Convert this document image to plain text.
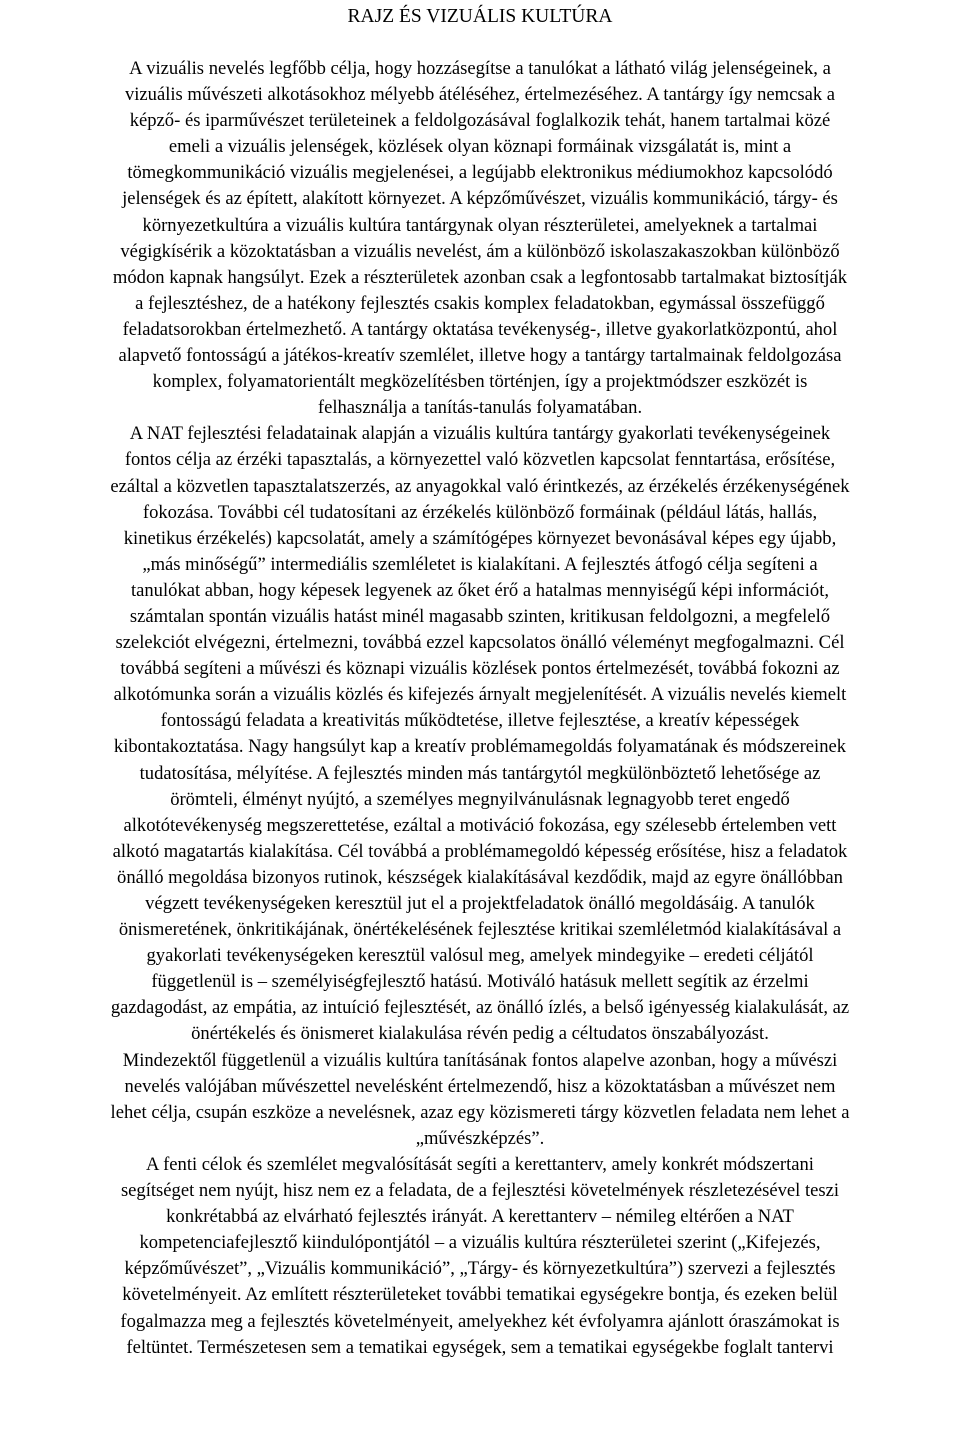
RAJZ ÉS VIZUÁLIS KULTÚRA
A vizuális nevelés legfőbb célja, hogy hozzásegítse a tanulókat a látható világ jelenségeinek, a
vizuális művészeti alkotásokhoz mélyebb átéléséhez, értelmezéséhez. A tantárgy így nemcsak a
képző- és iparművészet területeinek a feldolgozásával foglalkozik tehát, hanem tartalmai közé
emeli a vizuális jelenségek, közlések olyan köznapi formáinak vizsgálatát is, mint a
tömegkommunikáció vizuális megjelenései, a legújabb elektronikus médiumokhoz kapcsolódó
jelenségek és az épített, alakított környezet. A képzőművészet, vizuális kommunikáció, tárgy- és
környezetkultúra a vizuális kultúra tantárgynak olyan részterületei, amelyeknek a tartalmai
végigkísérik a közoktatásban a vizuális nevelést, ám a különböző iskolaszakaszokban különböző
módon kapnak hangsúlyt. Ezek a részterületek azonban csak a legfontosabb tartalmakat biztosítják
a fejlesztéshez, de a hatékony fejlesztés csakis komplex feladatokban, egymással összefüggő
feladatsorokban értelmezhető. A tantárgy oktatása tevékenység-, illetve gyakorlatközpontú, ahol
alapvető fontosságú a játékos-kreatív szemlélet, illetve hogy a tantárgy tartalmainak feldolgozása
komplex, folyamatorientált megközelítésben történjen, így a projektmódszer eszközét is
felhasználja a tanítás-tanulás folyamatában.
A NAT fejlesztési feladatainak alapján a vizuális kultúra tantárgy gyakorlati tevékenységeinek
fontos célja az érzéki tapasztalás, a környezettel való közvetlen kapcsolat fenntartása, erősítése,
ezáltal a közvetlen tapasztalatszerzés, az anyagokkal való érintkezés, az érzékelés érzékenységének
fokozása. További cél tudatosítani az érzékelés különböző formáinak (például látás, hallás,
kinetikus érzékelés) kapcsolatát, amely a számítógépes környezet bevonásával képes egy újabb,
„más minőségű” intermediális szemléletet is kialakítani. A fejlesztés átfogó célja segíteni a
tanulókat abban, hogy képesek legyenek az őket érő a hatalmas mennyiségű képi információt,
számtalan spontán vizuális hatást minél magasabb szinten, kritikusan feldolgozni, a megfelelő
szelekciót elvégezni, értelmezni, továbbá ezzel kapcsolatos önálló véleményt megfogalmazni. Cél
továbbá segíteni a művészi és köznapi vizuális közlések pontos értelmezését, továbbá fokozni az
alkotómunka során a vizuális közlés és kifejezés árnyalt megjelenítését. A vizuális nevelés kiemelt
fontosságú feladata a kreativitás működtetése, illetve fejlesztése, a kreatív képességek
kibontakoztatása. Nagy hangsúlyt kap a kreatív problémamegoldás folyamatának és módszereinek
tudatosítása, mélyítése. A fejlesztés minden más tantárgytól megkülönböztető lehetősége az
örömteli, élményt nyújtó, a személyes megnyilvánulásnak legnagyobb teret engedő
alkotótevékenység megszerettetése, ezáltal a motiváció fokozása, egy szélesebb értelemben vett
alkotó magatartás kialakítása. Cél továbbá a problémamegoldó képesség erősítése, hisz a feladatok
önálló megoldása bizonyos rutinok, készségek kialakításával kezdődik, majd az egyre önállóbban
végzett tevékenységeken keresztül jut el a projektfeladatok önálló megoldásáig. A tanulók
önismeretének, önkritikájának, önértékelésének fejlesztése kritikai szemléletmód kialakításával a
gyakorlati tevékenységeken keresztül valósul meg, amelyek mindegyike – eredeti céljától
függetlenül is – személyiségfejlesztő hatású. Motiváló hatásuk mellett segítik az érzelmi
gazdagodást, az empátia, az intuíció fejlesztését, az önálló ízlés, a belső igényesség kialakulását, az
önértékelés és önismeret kialakulása révén pedig a céltudatos önszabályozást.
Mindezektől függetlenül a vizuális kultúra tanításának fontos alapelve azonban, hogy a művészi
nevelés valójában művészettel nevelésként értelmezendő, hisz a közoktatásban a művészet nem
lehet célja, csupán eszköze a nevelésnek, azaz egy közismereti tárgy közvetlen feladata nem lehet a
„művészképzés”.
A fenti célok és szemlélet megvalósítását segíti a kerettanterv, amely konkrét módszertani
segítséget nem nyújt, hisz nem ez a feladata, de a fejlesztési követelmények részletezésével teszi
konkrétabbá az elvárható fejlesztés irányát. A kerettanterv – némileg eltérően a NAT
kompetenciafejlesztő kiindulópontjától – a vizuális kultúra részterületei szerint („Kifejezés,
képzőművészet”, „Vizuális kommunikáció”, „Tárgy- és környezetkultúra”) szervezi a fejlesztés
követelményeit. Az említett részterületeket további tematikai egységekre bontja, és ezeken belül
fogalmazza meg a fejlesztés követelményeit, amelyekhez két évfolyamra ajánlott óraszámokat is
feltüntet. Természetesen sem a tematikai egységek, sem a tematikai egységekbe foglalt tantervi
